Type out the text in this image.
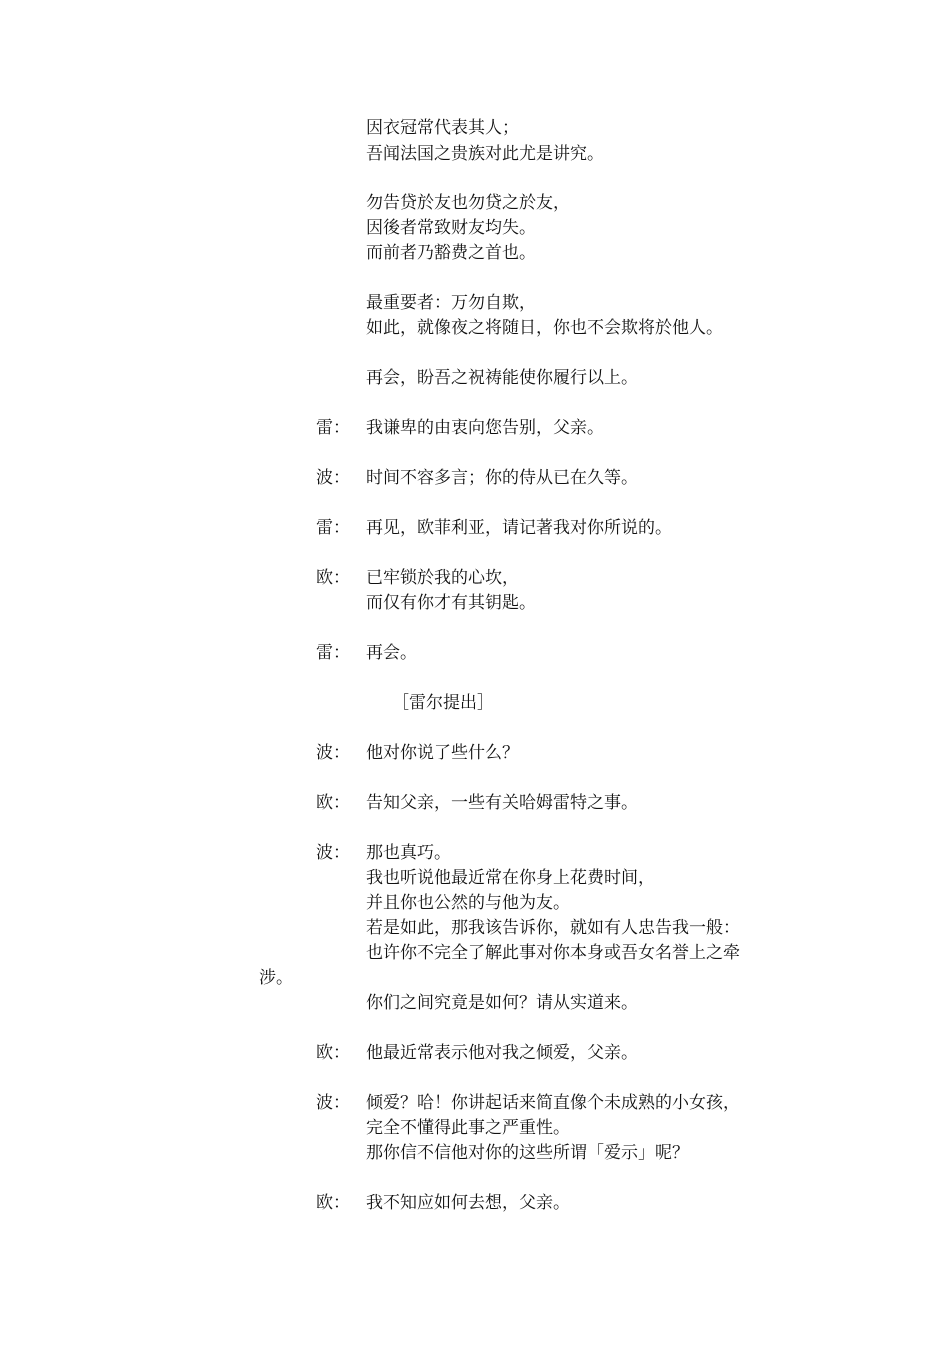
因衣冠常代表其人；
吾闻法国之贵族对此尤是讲究。
勿告贷於友也勿贷之於友，
因後者常致财友均失。
而前者乃豁费之首也。
最重要者：万勿自欺，
如此，就像夜之将随日，你也不会欺将於他人。
再会，盼吾之祝祷能使你履行以上。
雷： 我谦卑的由衷向您告别，父亲。
波： 时间不容多言；你的侍从已在久等。
雷： 再见，欧菲利亚，请记著我对你所说的。
欧： 已牢锁於我的心坎，
而仅有你才有其钥匙。
雷： 再会。
［雷尔提出］
波： 他对你说了些什么？
欧： 告知父亲，一些有关哈姆雷特之事。
波： 那也真巧。
我也听说他最近常在你身上花费时间，
并且你也公然的与他为友。
若是如此，那我该告诉你，就如有人忠告我一般：
也许你不完全了解此事对你本身或吾女名誉上之牵
涉。
你们之间究竟是如何？请从实道来。
欧： 他最近常表示他对我之倾爱，父亲。
波： 倾爱？哈！你讲起话来简直像个未成熟的小女孩，
完全不懂得此事之严重性。
那你信不信他对你的这些所谓「爱示」呢？
欧： 我不知应如何去想，父亲。
